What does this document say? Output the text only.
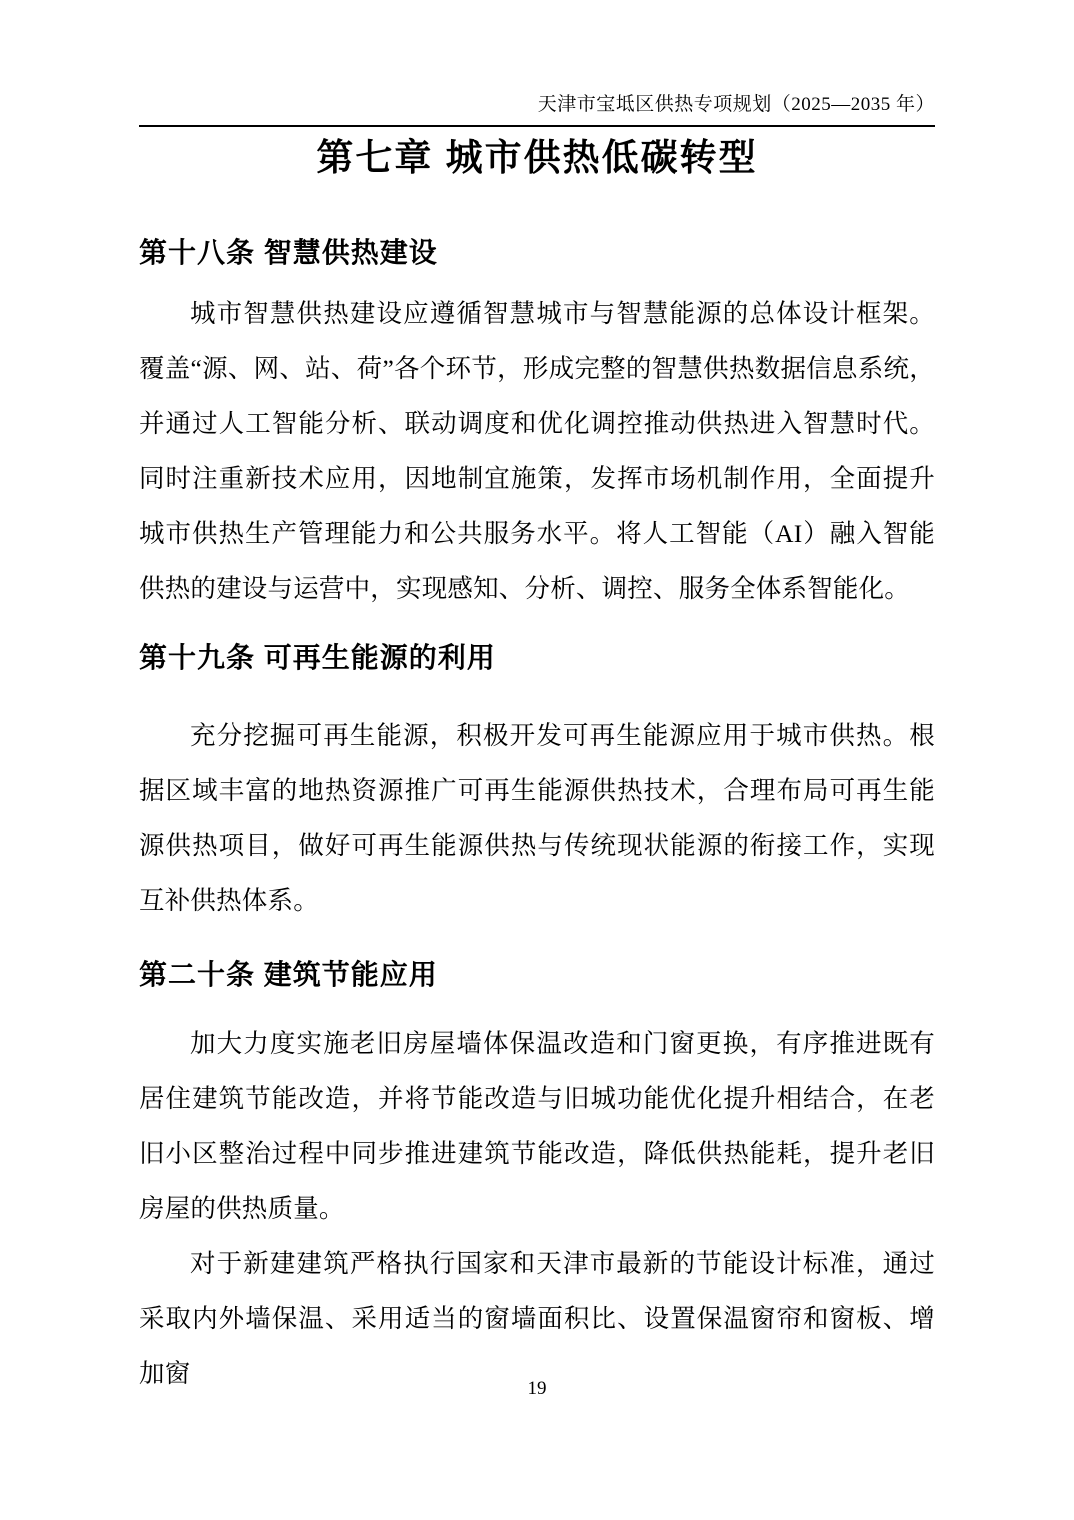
天津市宝坻区供热专项规划（2025—2035 年）
第七章 城市供热低碳转型
第十八条 智慧供热建设

城市智慧供热建设应遵循智慧城市与智慧能源的总体设计框架。覆盖“源、网、站、荷”各个环节，形成完整的智慧供热数据信息系统，并通过人工智能分析、联动调度和优化调控推动供热进入智慧时代。同时注重新技术应用，因地制宜施策，发挥市场机制作用，全面提升城市供热生产管理能力和公共服务水平。将人工智能（AI）融入智能供热的建设与运营中，实现感知、分析、调控、服务全体系智能化。

第十九条 可再生能源的利用

充分挖掘可再生能源，积极开发可再生能源应用于城市供热。根据区域丰富的地热资源推广可再生能源供热技术，合理布局可再生能源供热项目，做好可再生能源供热与传统现状能源的衔接工作，实现互补供热体系。

第二十条 建筑节能应用

加大力度实施老旧房屋墙体保温改造和门窗更换，有序推进既有居住建筑节能改造，并将节能改造与旧城功能优化提升相结合，在老旧小区整治过程中同步推进建筑节能改造，降低供热能耗，提升老旧房屋的供热质量。

对于新建建筑严格执行国家和天津市最新的节能设计标准，通过采取内外墙保温、采用适当的窗墙面积比、设置保温窗帘和窗板、增加窗

19
